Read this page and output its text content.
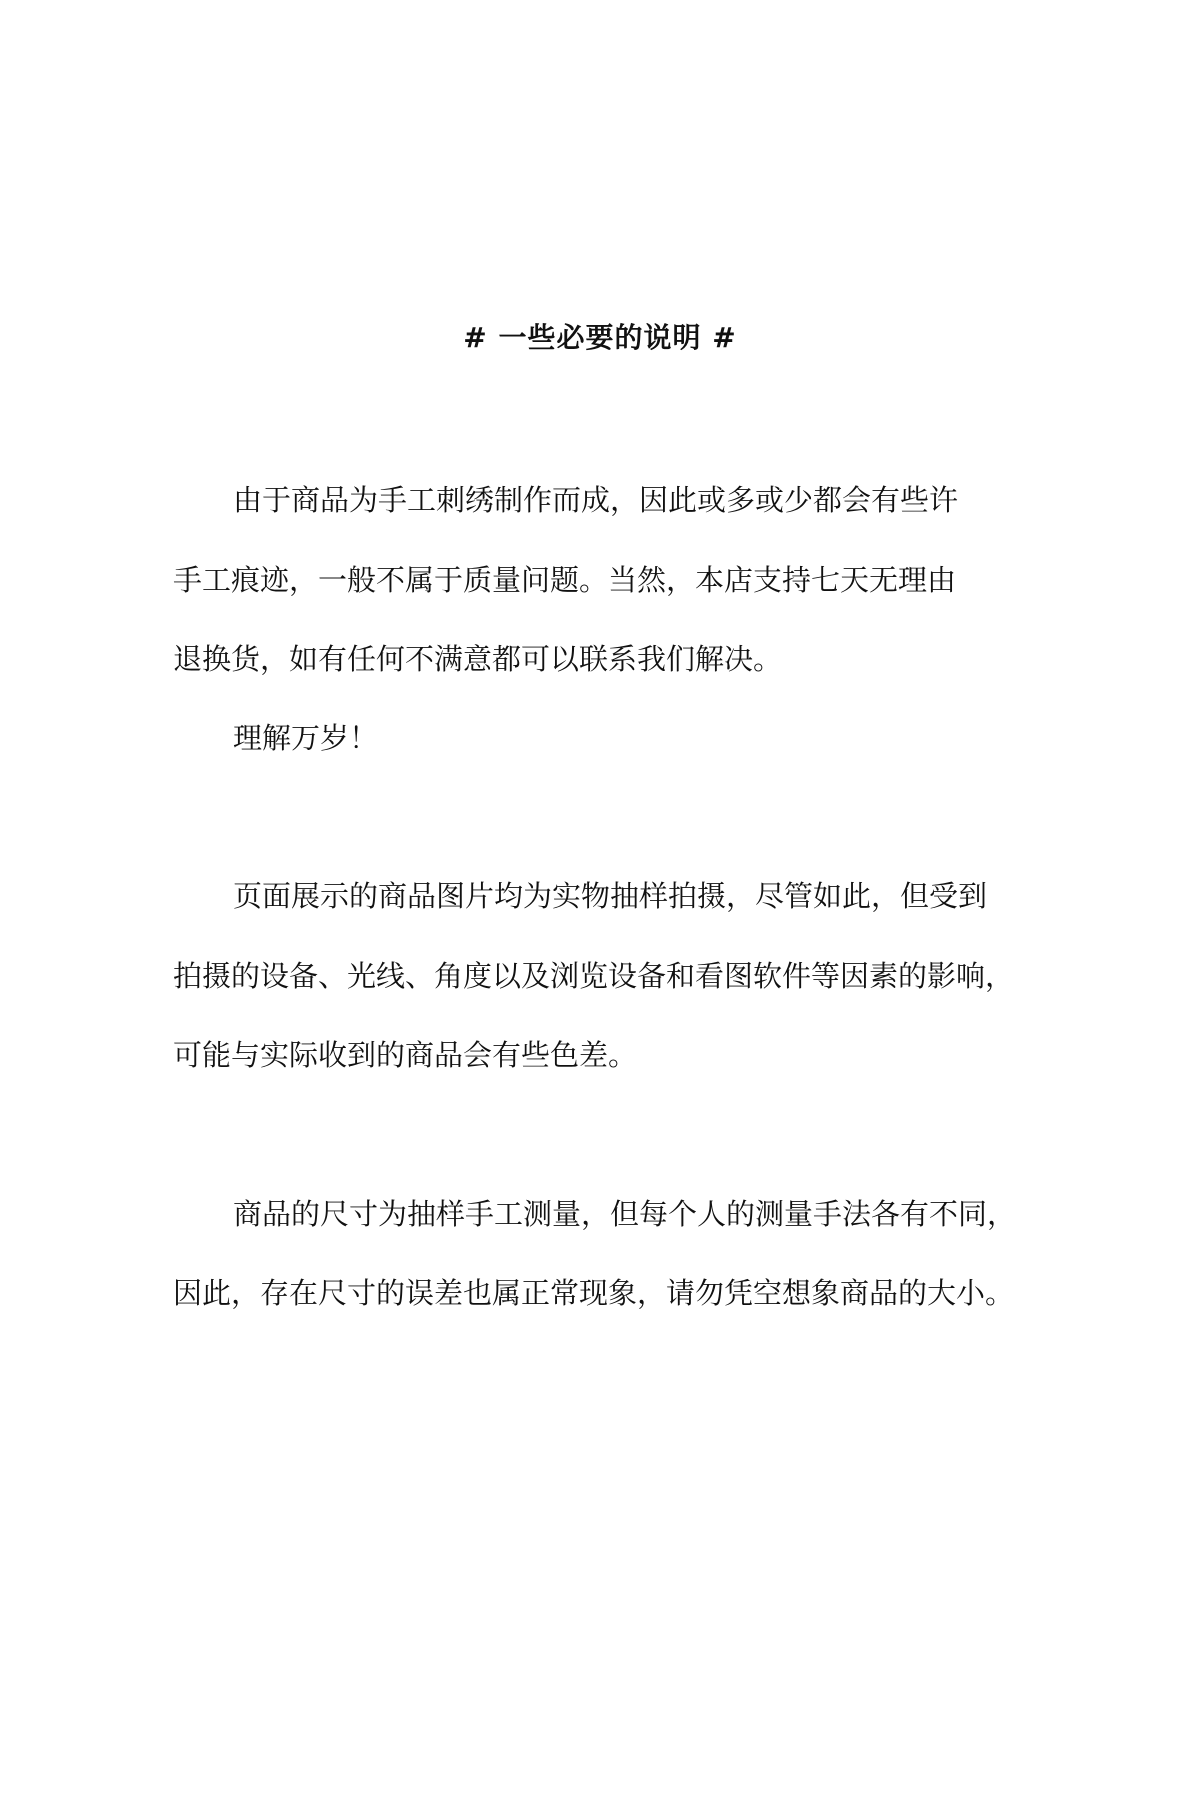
# 一些必要的说明 #
由于商品为手工刺绣制作而成，因此或多或少都会有些许
手工痕迹，一般不属于质量问题。当然，本店支持七天无理由
退换货，如有任何不满意都可以联系我们解决。
理解万岁！
页面展示的商品图片均为实物抽样拍摄，尽管如此，但受到
拍摄的设备、光线、角度以及浏览设备和看图软件等因素的影响，
可能与实际收到的商品会有些色差。
商品的尺寸为抽样手工测量，但每个人的测量手法各有不同，
因此，存在尺寸的误差也属正常现象，请勿凭空想象商品的大小。
